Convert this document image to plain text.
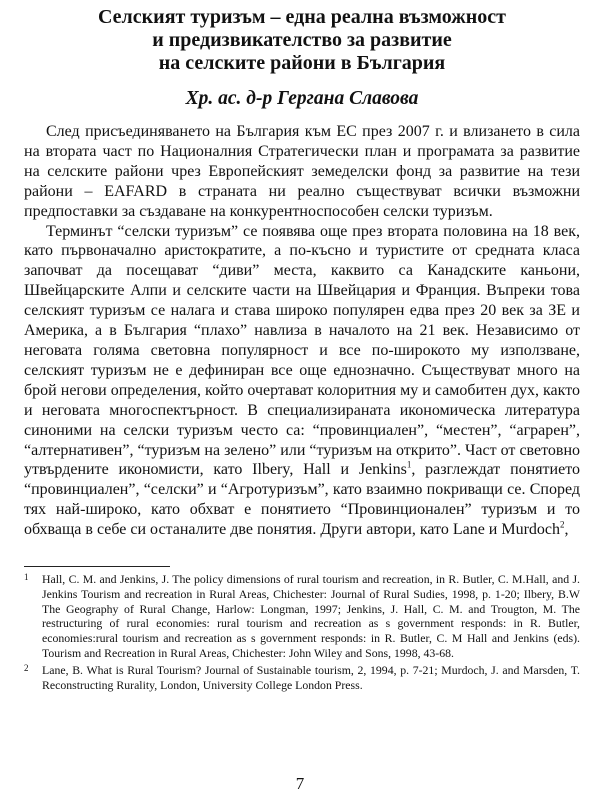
Селският туризъм – една реална възможност
и предизвикателство за развитие
на селските райони в България

Хр. ас. д-р Гергана Славова

След присъединяването на България към ЕС през 2007 г. и влизането в сила на втората част по Националния Стратегически план и програмата за развитие на селските райони чрез Европейският земеделски фонд за развитие на тези райони – EAFARD в страната ни реално съществуват всички възможни предпоставки за създаване на конкурентноспособен селски туризъм.

Терминът “селски туризъм” се появява още през втората половина на 18 век, като първоначално аристократите, а по-късно и туристите от средната класа започват да посещават “диви” места, каквито са Канадските каньони, Швейцарските Алпи и селските части на Швейцария и Франция. Въпреки това селският туризъм се налага и става широко популярен едва през 20 век за ЗЕ и Америка, а в България “плахо” навлиза в началото на 21 век. Независимо от неговата голяма световна популярност и все по-широкото му използване, селският туризъм не е дефиниран все още еднозначно. Съществуват много на брой негови определения, който очертават колоритния му и самобитен дух, както и неговата многоспектърност. В специализираната икономическа литература синоними на селски туризъм често са: “провинциален”, “местен”, “аграрен”, “алтернативен”, “туризъм на зелено” или “туризъм на открито”. Част от световно утвърдените икономисти, като Ilbery, Hall и Jenkins$^1$, разглеждат понятието “провинциален”, “селски” и “Агротуризъм”, като взаимно покриващи се. Според тях най-широко, като обхват е понятието “Провинционален” туризъм и то обхваща в себе си останалите две понятия. Други автори, като Lane и Murdoch$^2$,

1 Hall, C. M. and Jenkins, J. The policy dimensions of rural tourism and recreation, in R. Butler, C. M.Hall, and J. Jenkins Tourism and recreation in Rural Areas, Chichester: Journal of Rural Sudies, 1998, p. 1-20; Ilbery, B.W The Geography of Rural Change, Harlow: Longman, 1997; Jenkins, J. Hall, C. M. and Trougton, M. The restructuring of rural economies: rural tourism and recreation as s government responds: in R. Butler, economies:rural tourism and recreation as s government responds: in R. Butler, C. M Hall and Jenkins (eds). Tourism and Recreation in Rural Areas, Chichester: John Wiley and Sons, 1998, 43-68.

2 Lane, B. What is Rural Tourism? Journal of Sustainable tourism, 2, 1994, p. 7-21; Murdoch, J. and Marsden, T. Reconstructing Rurality, London, University College London Press.

7
